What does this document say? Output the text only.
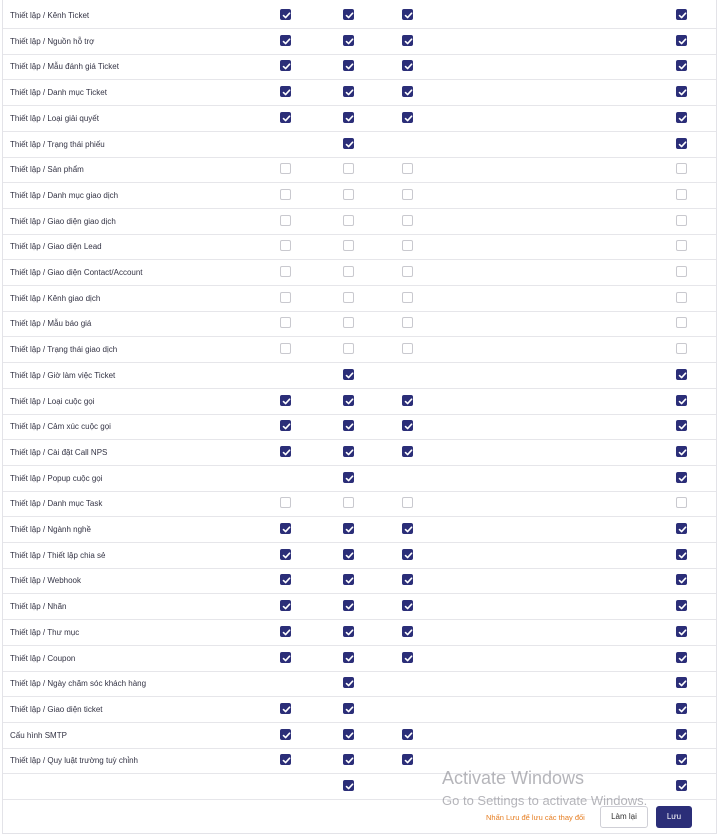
Thiết lập / Kênh Ticket
Thiết lập / Nguồn hỗ trợ
Thiết lập / Mẫu đánh giá Ticket
Thiết lập / Danh mục Ticket
Thiết lập / Loại giải quyết
Thiết lập / Trạng thái phiếu
Thiết lập / Sản phẩm
Thiết lập / Danh mục giao dịch
Thiết lập / Giao diện giao dịch
Thiết lập / Giao diện Lead
Thiết lập / Giao diện Contact/Account
Thiết lập / Kênh giao dịch
Thiết lập / Mẫu báo giá
Thiết lập / Trạng thái giao dịch
Thiết lập / Giờ làm việc Ticket
Thiết lập / Loại cuộc gọi
Thiết lập / Cảm xúc cuộc gọi
Thiết lập / Cài đặt Call NPS
Thiết lập / Popup cuộc gọi
Thiết lập / Danh mục Task
Thiết lập / Ngành nghề
Thiết lập / Thiết lập chia sẻ
Thiết lập / Webhook
Thiết lập / Nhãn
Thiết lập / Thư mục
Thiết lập / Coupon
Thiết lập / Ngày chăm sóc khách hàng
Thiết lập / Giao diện ticket
Cấu hình SMTP
Thiết lập / Quy luật trường tuỳ chỉnh
Nhấn Lưu để lưu các thay đổi	Làm lại	Lưu
Activate Windows
Go to Settings to activate Windows.
